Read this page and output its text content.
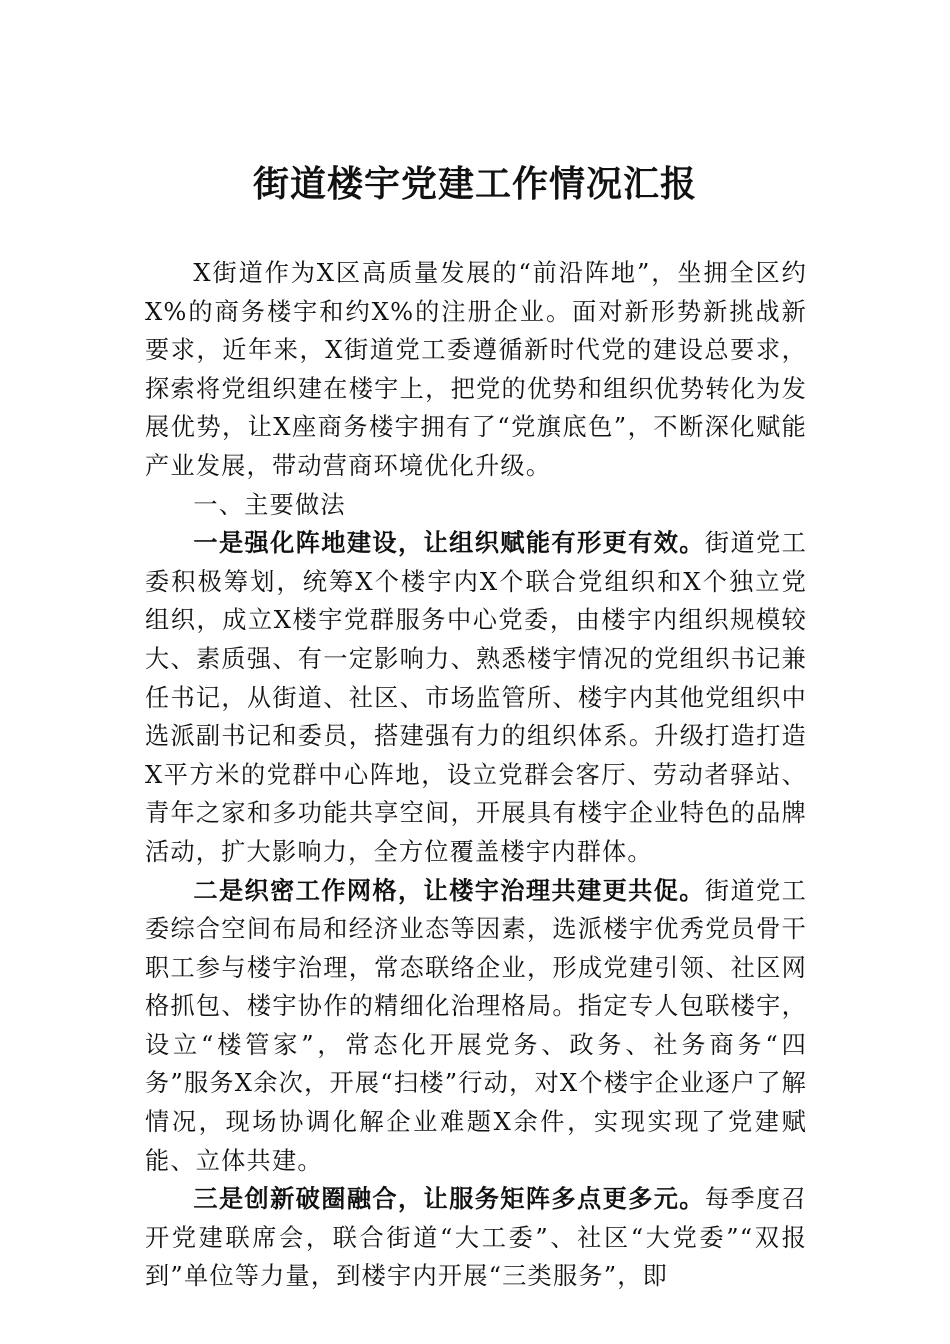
街道楼宇党建工作情况汇报

X街道作为X区高质量发展的“前沿阵地”，坐拥全区约X%的商务楼宇和约X%的注册企业。面对新形势新挑战新要求，近年来，X街道党工委遵循新时代党的建设总要求，探索将党组织建在楼宇上，把党的优势和组织优势转化为发展优势，让X座商务楼宇拥有了“党旗底色”，不断深化赋能产业发展，带动营商环境优化升级。

一、主要做法

一是强化阵地建设，让组织赋能有形更有效。街道党工委积极筹划，统筹X个楼宇内X个联合党组织和X个独立党组织，成立X楼宇党群服务中心党委，由楼宇内组织规模较大、素质强、有一定影响力、熟悉楼宇情况的党组织书记兼任书记，从街道、社区、市场监管所、楼宇内其他党组织中选派副书记和委员，搭建强有力的组织体系。升级打造打造X平方米的党群中心阵地，设立党群会客厅、劳动者驿站、青年之家和多功能共享空间，开展具有楼宇企业特色的品牌活动，扩大影响力，全方位覆盖楼宇内群体。

二是织密工作网格，让楼宇治理共建更共促。街道党工委综合空间布局和经济业态等因素，选派楼宇优秀党员骨干职工参与楼宇治理，常态联络企业，形成党建引领、社区网格抓包、楼宇协作的精细化治理格局。指定专人包联楼宇，设立“楼管家”，常态化开展党务、政务、社务商务“四务”服务X余次，开展“扫楼”行动，对X个楼宇企业逐户了解情况，现场协调化解企业难题X余件，实现实现了党建赋能、立体共建。

三是创新破圈融合，让服务矩阵多点更多元。每季度召开党建联席会，联合街道“大工委”、社区“大党委”“双报到”单位等力量，到楼宇内开展“三类服务”，即
